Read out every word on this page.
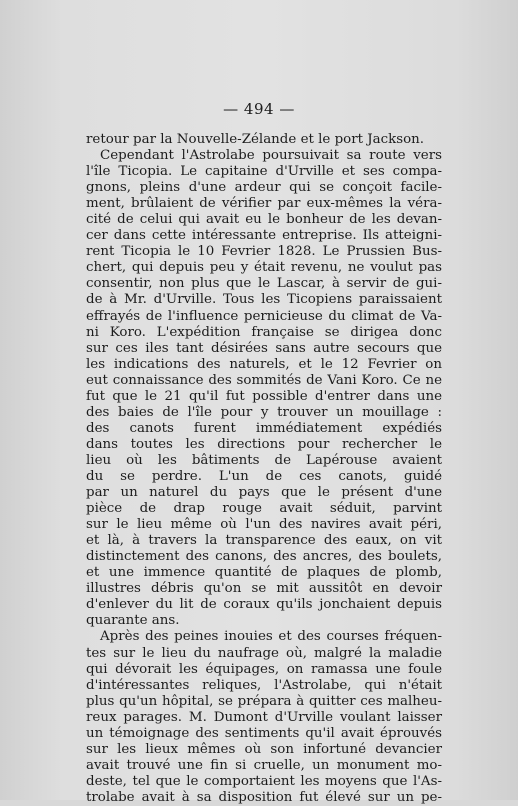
— 494 —
retour par la Nouvelle-Zélande et le port Jackson.
Cependant l'Astrolabe poursuivait sa route vers
l'île Ticopia. Le capitaine d'Urville et ses compa-
gnons, pleins d'une ardeur qui se conçoit facile-
ment, brûlaient de vérifier par eux-mêmes la véra-
cité de celui qui avait eu le bonheur de les devan-
cer dans cette intéressante entreprise. Ils atteigni-
rent Ticopia le 10 Fevrier 1828. Le Prussien Bus-
chert, qui depuis peu y était revenu, ne voulut pas
consentir, non plus que le Lascar, à servir de gui-
de à Mr. d'Urville. Tous les Ticopiens paraissaient
effrayés de l'influence pernicieuse du climat de Va-
ni Koro. L'expédition française se dirigea donc
sur ces iles tant désirées sans autre secours que
les indications des naturels, et le 12 Fevrier on
eut connaissance des sommités de Vani Koro. Ce ne
fut que le 21 qu'il fut possible d'entrer dans une
des baies de l'île pour y trouver un mouillage :
des canots furent immédiatement expédiés
dans toutes les directions pour rechercher le
lieu où les bâtiments de Lapérouse avaient
du se perdre. L'un de ces canots, guidé
par un naturel du pays que le présent d'une
pièce de drap rouge avait séduit, parvint
sur le lieu même où l'un des navires avait péri,
et là, à travers la transparence des eaux, on vit
distinctement des canons, des ancres, des boulets,
et une immence quantité de plaques de plomb,
illustres débris qu'on se mit aussitôt en devoir
d'enlever du lit de coraux qu'ils jonchaient depuis
quarante ans.
Après des peines inouies et des courses fréquen-
tes sur le lieu du naufrage où, malgré la maladie
qui dévorait les équipages, on ramassa une foule
d'intéressantes reliques, l'Astrolabe, qui n'était
plus qu'un hôpital, se prépara à quitter ces malheu-
reux parages. M. Dumont d'Urville voulant laisser
un témoignage des sentiments qu'il avait éprouvés
sur les lieux mêmes où son infortuné devancier
avait trouvé une fin si cruelle, un monument mo-
deste, tel que le comportaient les moyens que l'As-
trolabe avait à sa disposition fut élevé sur un pe-
